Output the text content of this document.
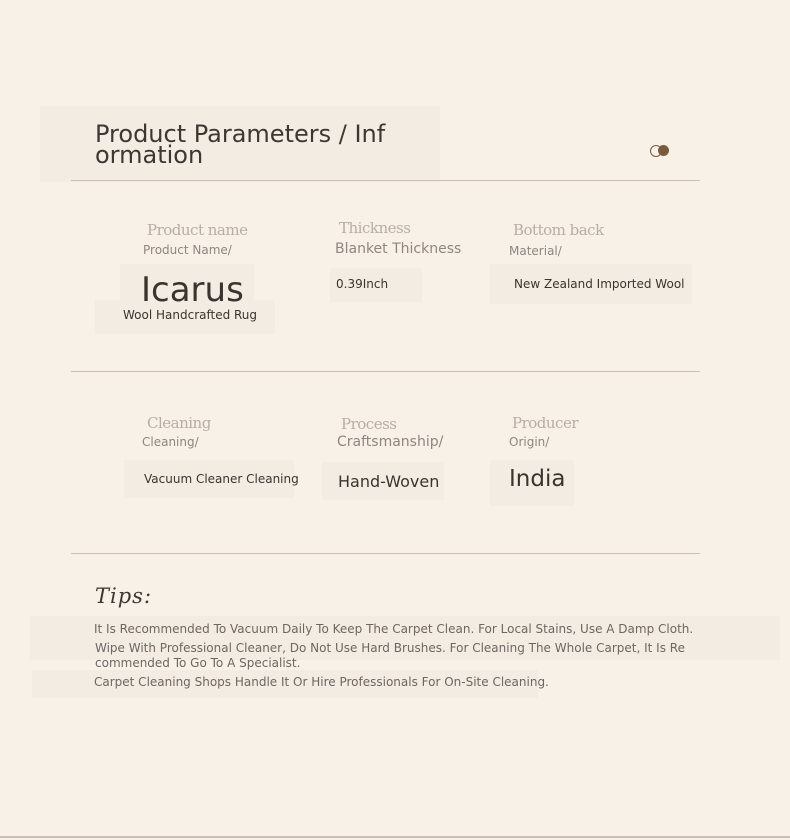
Product Parameters / Information
Product name
Product Name/
Icarus
Wool Handcrafted Rug
Thickness
Blanket Thickness
0.39Inch
Bottom back
Material/
New Zealand Imported Wool
Cleaning
Cleaning/
Vacuum Cleaner Cleaning
Process
Craftsmanship/
Hand-Woven
Producer
Origin/
India
Tips:
It Is Recommended To Vacuum Daily To Keep The Carpet Clean. For Local Stains, Use A Damp Cloth.
Wipe With Professional Cleaner, Do Not Use Hard Brushes. For Cleaning The Whole Carpet, It Is Recommended To Go To A Specialist.
Carpet Cleaning Shops Handle It Or Hire Professionals For On-Site Cleaning.
